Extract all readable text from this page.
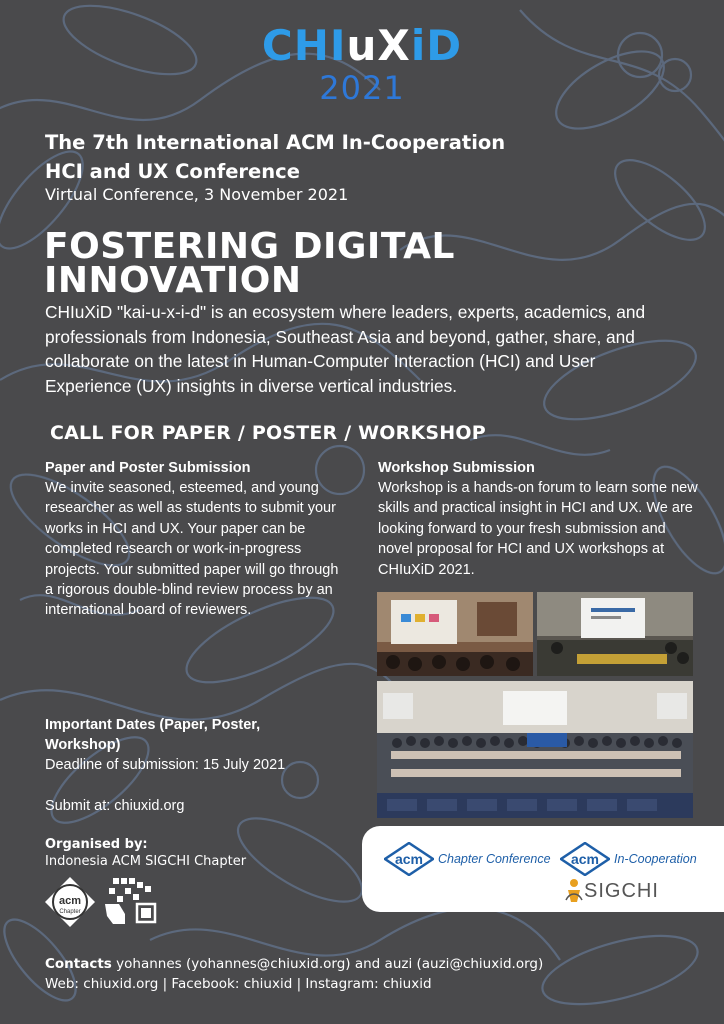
CHIuXiD
2021
The 7th International ACM In-Cooperation
HCI and UX Conference
Virtual Conference, 3 November 2021
FOSTERING DIGITAL
INNOVATION
CHIuXiD "kai-u-x-i-d" is an ecosystem where leaders, experts, academics, and professionals from Indonesia, Southeast Asia and beyond, gather, share, and collaborate on the latest in Human-Computer Interaction (HCI) and User Experience (UX) insights in diverse vertical industries.
CALL FOR PAPER / POSTER / WORKSHOP
Paper and Poster Submission
We invite seasoned, esteemed, and young researcher as well as students to submit your works in HCI and UX. Your paper can be completed research or work-in-progress projects. Your submitted paper will go through a rigorous double-blind review process by an international board of reviewers.
Workshop Submission
Workshop is a hands-on forum to learn some new skills and practical insight in HCI and UX. We are looking forward to your fresh submission and novel proposal for HCI and UX workshops at CHIuXiD 2021.
Important Dates (Paper, Poster, Workshop)
Deadline of submission: 15 July 2021
Submit at: chiuxid.org
Organised by:
Indonesia ACM SIGCHI Chapter
acm
Chapter
acm Chapter Conference acm In-Cooperation
SIGCHI
Contacts yohannes (yohannes@chiuxid.org) and auzi (auzi@chiuxid.org)
Web: chiuxid.org | Facebook: chiuxid | Instagram: chiuxid
